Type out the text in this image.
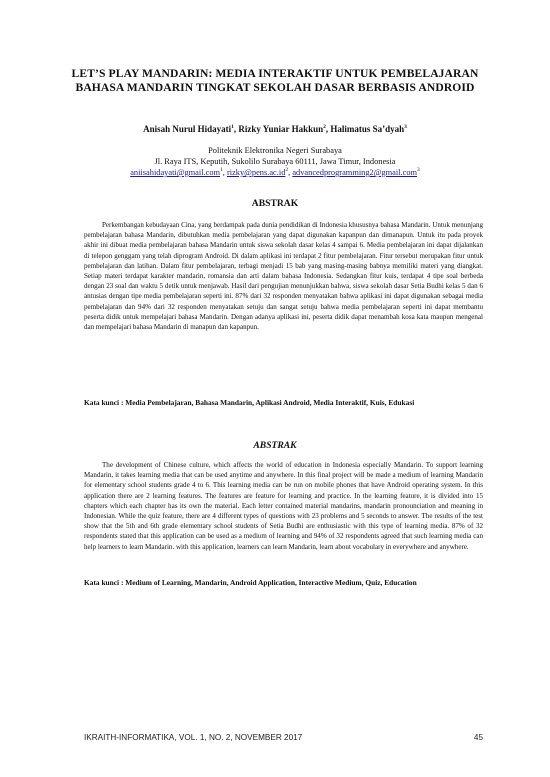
LET’S PLAY MANDARIN: MEDIA INTERAKTIF UNTUK PEMBELAJARAN BAHASA MANDARIN TINGKAT SEKOLAH DASAR BERBASIS ANDROID
Anisah Nurul Hidayati$^1$, Rizky Yuniar Hakkun$^2$, Halimatus Sa’dyah$^3$
Politeknik Elektronika Negeri Surabaya
Jl. Raya ITS, Keputih, Sukolilo Surabaya 60111, Jawa Timur, Indonesia
aniisahidayati@gmail.com$^1$, $rizky@pens.ac.id^2$, advancedprogramming2@gmail.com$^3$
ABSTRAK
Perkembangan kebudayaan Cina, yang berdampak pada dunia pendidikan di Indonesia khususnya bahasa Mandarin. Untuk menunjang pembelajaran bahasa Mandarin, dibutuhkan media pembelajaran yang dapat digunakan kapanpun dan dimanapun. Untuk itu pada proyek akhir ini dibuat media pembelajaran bahasa Mandarin untuk siswa sekolah dasar kelas 4 sampai 6. Media pembelajaran ini dapat dijalankan di telepon genggam yang telah diprogram Android. Di dalam aplikasi ini terdapat 2 fitur pembelajaran. Fitur tersebut merupakan fitur untuk pembelajaran dan latihan. Dalam fitur pembelajaran, terbagi menjadi 15 bab yang masing-masing babnya memiliki materi yang diangkat. Setiap materi terdapat karakter mandarin, romansia dan arti dalam bahasa Indonesia. Sedangkan fitur kuis, terdapat 4 tipe soal berbeda dengan 23 soal dan waktu 5 detik untuk menjawab. Hasil dari pengujian menunjukkan bahwa, siswa sekolah dasar Setia Budhi kelas 5 dan 6 antusias dengan tipe media pembelajaran seperti ini. 87% dari 32 responden menyatakan bahwa aplikasi ini dapat digunakan sebagai media pembelajaran dan 94% dari 32 responden menyatakan setuju dan sangat setuju bahwa media pembelajaran seperti ini dapat membantu peserta didik untuk mempelajari bahasa Mandarin. Dengan adanya aplikasi ini, peserta didik dapat menambah kosa kata maupun mengenal dan mempelajari bahasa Mandarin di manapun dan kapanpun.
Kata kunci : Media Pembelajaran, Bahasa Mandarin, Aplikasi Android, Media Interaktif, Kuis, Edukasi
ABSTRAK
The development of Chinese culture, which affects the world of education in Indonesia especially Mandarin. To support learning Mandarin, it takes learning media that can be used anytime and anywhere. In this final project will be made a medium of learning Mandarin for elementary school students grade 4 to 6. This learning media can be run on mobile phones that have Android operating system. In this application there are 2 learning features. The features are feature for learning and practice. In the learning feature, it is divided into 15 chapters which each chapter has its own the material. Each letter contained material mandarins, mandarin pronounciation and meaning in Indonesian. While the quiz feature, there are 4 different types of questions with 23 problems and 5 seconds to answer. The results of the test show that the 5th and 6th grade elementary school students of Setia Budhi are enthusiastic with this type of learning media. 87% of 32 respondents stated that this application can be used as a medium of learning and 94% of 32 respondents agreed that such learning media can help learners to learn Mandarin. with this application, learners can learn Mandarin, learn about vocabulary in everywhere and anywhere.
Kata kunci : Medium of Learning, Mandarin, Android Application, Interactive Medium, Quiz, Education
IKRAITH-INFORMATIKA, VOL. 1, NO. 2, NOVEMBER 2017	45
